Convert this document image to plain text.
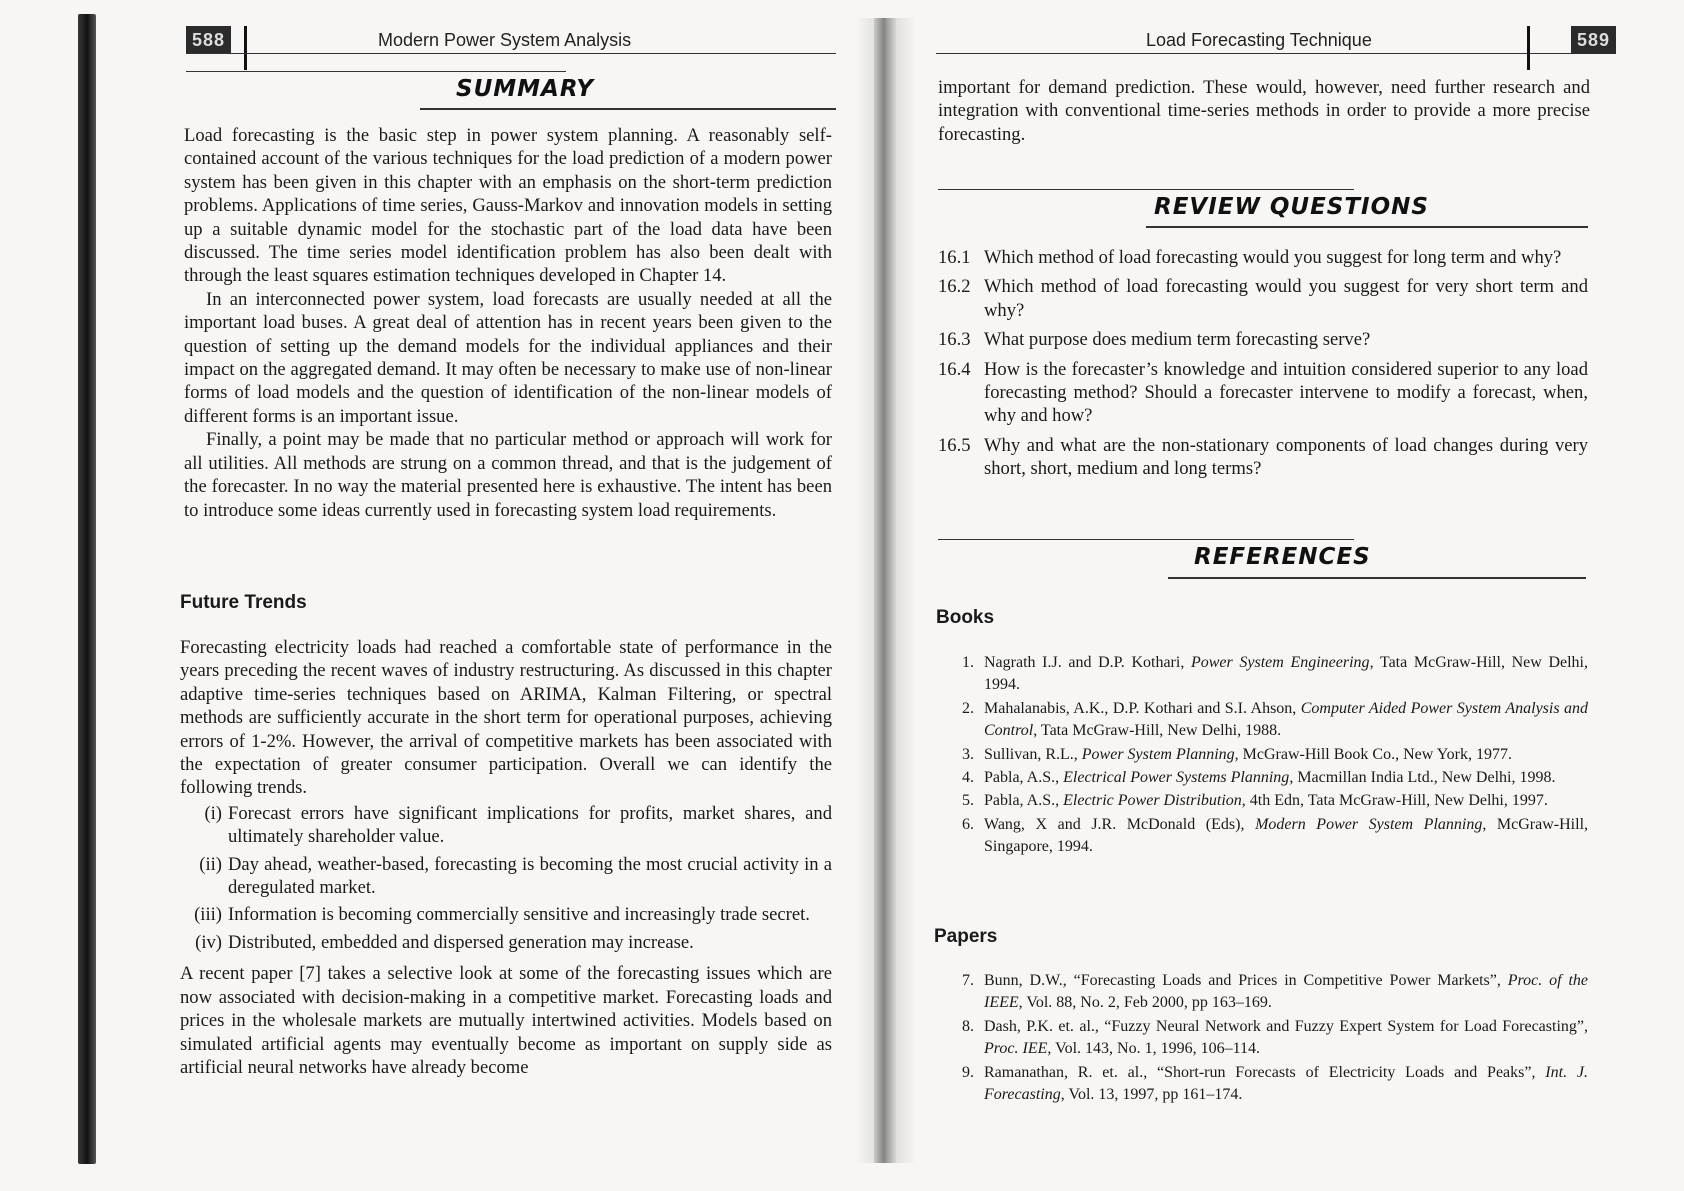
588	Modern Power System Analysis
SUMMARY

Load forecasting is the basic step in power system planning. A reasonably self-contained account of the various techniques for the load prediction of a modern power system has been given in this chapter with an emphasis on the short-term prediction problems. Applications of time series, Gauss-Markov and innovation models in setting up a suitable dynamic model for the stochastic part of the load data have been discussed. The time series model identification problem has also been dealt with through the least squares estimation techniques developed in Chapter 14.

In an interconnected power system, load forecasts are usually needed at all the important load buses. A great deal of attention has in recent years been given to the question of setting up the demand models for the individual appliances and their impact on the aggregated demand. It may often be necessary to make use of non-linear forms of load models and the question of identification of the non-linear models of different forms is an important issue.

Finally, a point may be made that no particular method or approach will work for all utilities. All methods are strung on a common thread, and that is the judgement of the forecaster. In no way the material presented here is exhaustive. The intent has been to introduce some ideas currently used in forecasting system load requirements.

Future Trends

Forecasting electricity loads had reached a comfortable state of performance in the years preceding the recent waves of industry restructuring. As discussed in this chapter adaptive time-series techniques based on ARIMA, Kalman Filtering, or spectral methods are sufficiently accurate in the short term for operational purposes, achieving errors of 1-2%. However, the arrival of competitive markets has been associated with the expectation of greater consumer participation. Overall we can identify the following trends.

(i) Forecast errors have significant implications for profits, market shares, and ultimately shareholder value.
(ii) Day ahead, weather-based, forecasting is becoming the most crucial activity in a deregulated market.
(iii) Information is becoming commercially sensitive and increasingly trade secret.
(iv) Distributed, embedded and dispersed generation may increase.

A recent paper [7] takes a selective look at some of the forecasting issues which are now associated with decision-making in a competitive market. Forecasting loads and prices in the wholesale markets are mutually intertwined activities. Models based on simulated artificial agents may eventually become as important on supply side as artificial neural networks have already become

Load Forecasting Technique	589
important for demand prediction. These would, however, need further research and integration with conventional time-series methods in order to provide a more precise forecasting.
REVIEW QUESTIONS
16.1 Which method of load forecasting would you suggest for long term and why?
16.2 Which method of load forecasting would you suggest for very short term and why?
16.3 What purpose does medium term forecasting serve?
16.4 How is the forecaster’s knowledge and intuition considered superior to any load forecasting method? Should a forecaster intervene to modify a forecast, when, why and how?
16.5 Why and what are the non-stationary components of load changes during very short, short, medium and long terms?
REFERENCES
Books
1. Nagrath I.J. and D.P. Kothari, Power System Engineering, Tata McGraw-Hill, New Delhi, 1994.
2. Mahalanabis, A.K., D.P. Kothari and S.I. Ahson, Computer Aided Power System Analysis and Control, Tata McGraw-Hill, New Delhi, 1988.
3. Sullivan, R.L., Power System Planning, McGraw-Hill Book Co., New York, 1977.
4. Pabla, A.S., Electrical Power Systems Planning, Macmillan India Ltd., New Delhi, 1998.
5. Pabla, A.S., Electric Power Distribution, 4th Edn, Tata McGraw-Hill, New Delhi, 1997.
6. Wang, X and J.R. McDonald (Eds), Modern Power System Planning, McGraw-Hill, Singapore, 1994.
Papers
7. Bunn, D.W., “Forecasting Loads and Prices in Competitive Power Markets”, Proc. of the IEEE, Vol. 88, No. 2, Feb 2000, pp 163–169.
8. Dash, P.K. et. al., “Fuzzy Neural Network and Fuzzy Expert System for Load Forecasting”, Proc. IEE, Vol. 143, No. 1, 1996, 106–114.
9. Ramanathan, R. et. al., “Short-run Forecasts of Electricity Loads and Peaks”, Int. J. Forecasting, Vol. 13, 1997, pp 161–174.
